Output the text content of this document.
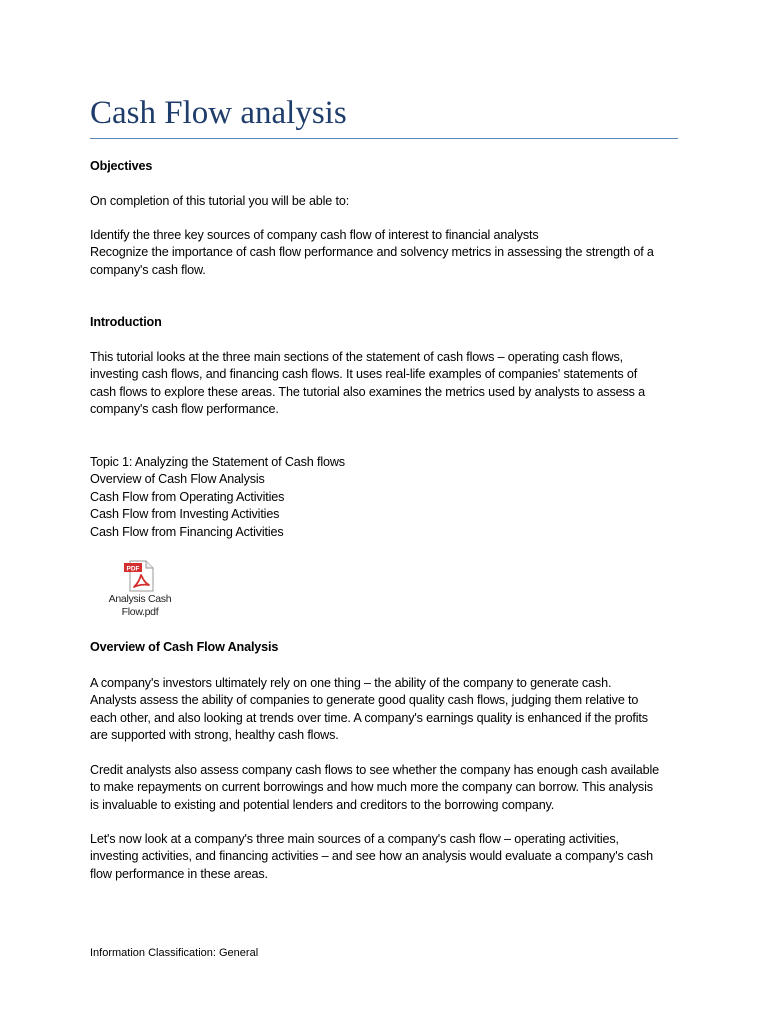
Cash Flow analysis
Objectives
On completion of this tutorial you will be able to:
Identify the three key sources of company cash flow of interest to financial analysts
Recognize the importance of cash flow performance and solvency metrics in assessing the strength of a
company's cash flow.
Introduction
This tutorial looks at the three main sections of the statement of cash flows – operating cash flows,
investing cash flows, and financing cash flows. It uses real-life examples of companies' statements of
cash flows to explore these areas. The tutorial also examines the metrics used by analysts to assess a
company's cash flow performance.
Topic 1: Analyzing the Statement of Cash flows
Overview of Cash Flow Analysis
Cash Flow from Operating Activities
Cash Flow from Investing Activities
Cash Flow from Financing Activities
PDF
Analysis Cash
Flow.pdf
Overview of Cash Flow Analysis
A company's investors ultimately rely on one thing – the ability of the company to generate cash.
Analysts assess the ability of companies to generate good quality cash flows, judging them relative to
each other, and also looking at trends over time. A company's earnings quality is enhanced if the profits
are supported with strong, healthy cash flows.
Credit analysts also assess company cash flows to see whether the company has enough cash available
to make repayments on current borrowings and how much more the company can borrow. This analysis
is invaluable to existing and potential lenders and creditors to the borrowing company.
Let's now look at a company's three main sources of a company's cash flow – operating activities,
investing activities, and financing activities – and see how an analysis would evaluate a company's cash
flow performance in these areas.
Information Classification: General
